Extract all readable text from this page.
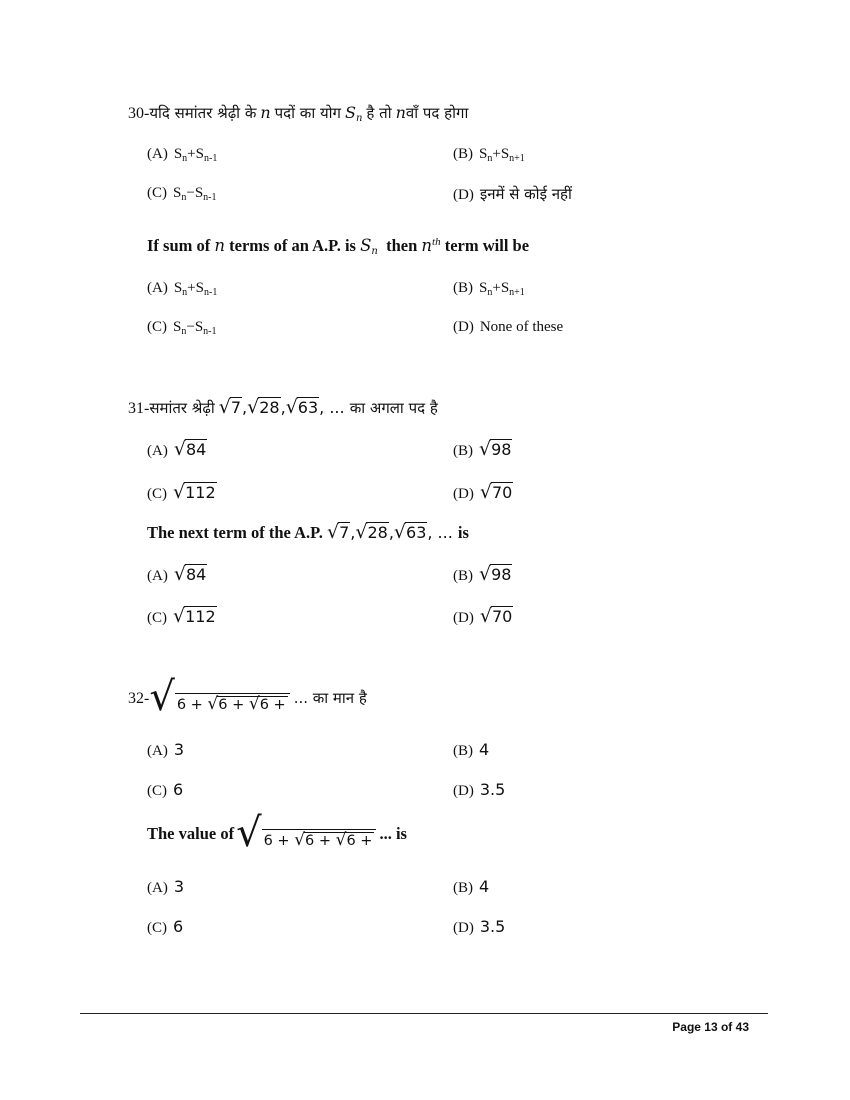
30-यदि समांतर श्रेढ़ी के n पदों का योग $S_n$ है तो nवाँ पद होगा
(A) $S_n+S_{n-1}$	(B) $S_n+S_{n+1}$
(C) $S_n-S_{n-1}$	(D) इनमें से कोई नहीं
If sum of n terms of an A.P. is $S_n$ then $n^{th}$ term will be
(A) $S_n+S_{n-1}$	(B) $S_n+S_{n+1}$
(C) $S_n-S_{n-1}$	(D) None of these
31-समांतर श्रेढ़ी √7,√28,√63, ... का अगला पद है
(A) √84	(B) √98
(C) √112	(D) √70
The next term of the A.P. √7,√28,√63, ... is
(A) √84	(B) √98
(C) √112	(D) √70
32- √ 6 + √6 + √6 + ... का मान है
(A) 3	(B) 4
(C) 6	(D) 3.5
The value of √ 6 + √6 + √6 + ... is
(A) 3	(B) 4
(C) 6	(D) 3.5
Page 13 of 43
